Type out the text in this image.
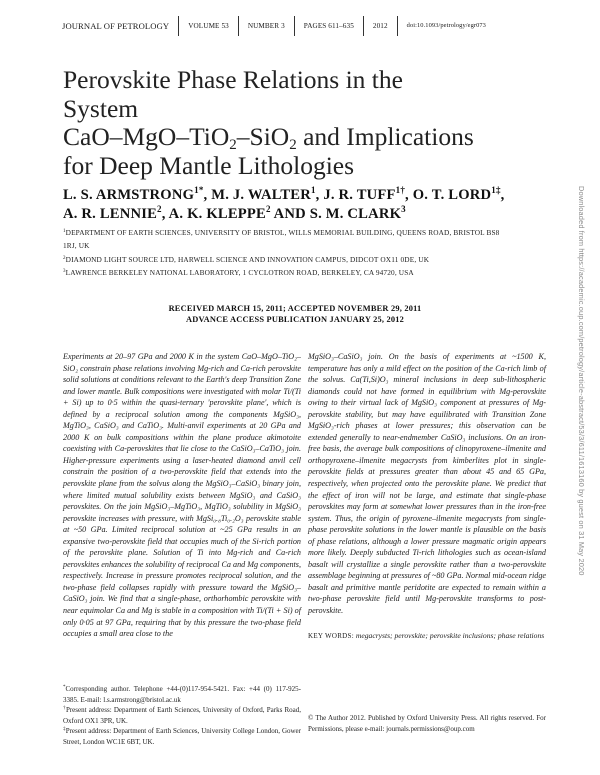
JOURNAL OF PETROLOGY	VOLUME 53	NUMBER 3	PAGES 611–635	2012	doi:10.1093/petrology/egr073
Perovskite Phase Relations in the System
CaO–MgO–TiO$_2$–SiO$_2$ and Implications
for Deep Mantle Lithologies
L. S. $ARMSTRONG^{1*}$, M. J. WALTER$^1$, J. R. $TUFF^{1\dagger}$, O. T. $LORD^{1\ddagger}$,
A. R. LENNIE$^2$, A. K. KLEPPE$^2$ AND S. M. CLARK$^3$
$^1$DEPARTMENT OF EARTH SCIENCES, UNIVERSITY OF BRISTOL, WILLS MEMORIAL BUILDING, QUEENS ROAD, BRISTOL BS8 1RJ, UK
$^2$DIAMOND LIGHT SOURCE LTD, HARWELL SCIENCE AND INNOVATION CAMPUS, DIDCOT OX11 0DE, UK
$^3$LAWRENCE BERKELEY NATIONAL LABORATORY, 1 CYCLOTRON ROAD, BERKELEY, CA 94720, USA
RECEIVED MARCH 15, 2011; ACCEPTED NOVEMBER 29, 2011
ADVANCE ACCESS PUBLICATION JANUARY 25, 2012
Experiments at 20–97 GPa and 2000 K in the system CaO–MgO–TiO₂–SiO₂ constrain phase relations involving Mg-rich and Ca-rich perovskite solid solutions at conditions relevant to the Earth's deep Transition Zone and lower mantle. Bulk compositions were investigated with molar Ti/(Ti + Si) up to 0·5 within the quasi-ternary 'perovskite plane', which is defined by a reciprocal solution among the components MgSiO₃, MgTiO₃, CaSiO₃ and CaTiO₃. Multi-anvil experiments at 20 GPa and 2000 K on bulk compositions within the plane produce akimotoite coexisting with Ca-perovskites that lie close to the CaSiO₃–CaTiO₃ join. Higher-pressure experiments using a laser-heated diamond anvil cell constrain the position of a two-perovskite field that extends into the perovskite plane from the solvus along the MgSiO₃–CaSiO₃ binary join, where limited mutual solubility exists between MgSiO₃ and CaSiO₃ perovskites. On the join MgSiO₃–MgTiO₃, MgTiO₃ solubility in MgSiO₃ perovskite increases with pressure, with MgSi₀.₈Ti₀.₂O₃ perovskite stable at ~50 GPa. Limited reciprocal solution at ~25 GPa results in an expansive two-perovskite field that occupies much of the Si-rich portion of the perovskite plane. Solution of Ti into Mg-rich and Ca-rich perovskites enhances the solubility of reciprocal Ca and Mg components, respectively. Increase in pressure promotes reciprocal solution, and the two-phase field collapses rapidly with pressure toward the MgSiO₃–CaSiO₃ join. We find that a single-phase, orthorhombic perovskite with near equimolar Ca and Mg is stable in a composition with Ti/(Ti + Si) of only 0·05 at 97 GPa, requiring that by this pressure the two-phase field occupies a small area close to the
MgSiO₃–CaSiO₃ join. On the basis of experiments at ~1500 K, temperature has only a mild effect on the position of the Ca-rich limb of the solvus. Ca(Ti,Si)O₃ mineral inclusions in deep sub-lithospheric diamonds could not have formed in equilibrium with Mg-perovskite owing to their virtual lack of MgSiO₃ component at pressures of Mg-perovskite stability, but may have equilibrated with Transition Zone MgSiO₃-rich phases at lower pressures; this observation can be extended generally to near-endmember CaSiO₃ inclusions. On an iron-free basis, the average bulk compositions of clinopyroxene–ilmenite and orthopyroxene–ilmenite megacrysts from kimberlites plot in single-perovskite fields at pressures greater than about 45 and 65 GPa, respectively, when projected onto the perovskite plane. We predict that the effect of iron will not be large, and estimate that single-phase perovskites may form at somewhat lower pressures than in the iron-free system. Thus, the origin of pyroxene–ilmenite megacrysts from single-phase perovskite solutions in the lower mantle is plausible on the basis of phase relations, although a lower pressure magmatic origin appears more likely. Deeply subducted Ti-rich lithologies such as ocean-island basalt will crystallize a single perovskite rather than a two-perovskite assemblage beginning at pressures of ~80 GPa. Normal mid-ocean ridge basalt and primitive mantle peridotite are expected to remain within a two-phase perovskite field until Mg-perovskite transforms to post-perovskite.
KEY WORDS: megacrysts; perovskite; perovskite inclusions; phase relations

*Corresponding author. Telephone +44-(0)117-954-5421. Fax: +44 (0) 117-925-3385. E-mail: l.s.armstrong@bristol.ac.uk

†Present address: Department of Earth Sciences, University of Oxford, Parks Road, Oxford OX1 3PR, UK.

‡Present address: Department of Earth Sciences, University College London, Gower Street, London WC1E 6BT, UK.

© The Author 2012. Published by Oxford University Press. All rights reserved. For Permissions, please e-mail: journals.permissions@oup.com
Downloaded from https://academic.oup.com/petrology/article-abstract/53/3/611/1613160 by guest on 31 May 2020
